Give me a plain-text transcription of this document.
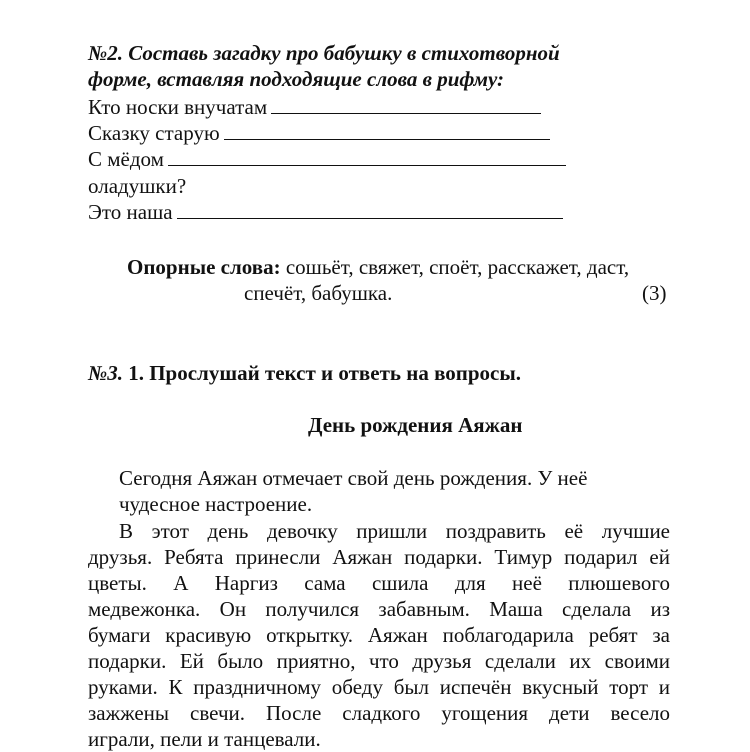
№2. Составь загадку про бабушку в стихотворной
форме, вставляя подходящие слова в рифму:
Кто носки внучатам
Сказку старую
С мёдом
оладушки?
Это наша
Опорные слова: сошьёт, свяжет, споёт, расскажет, даст,
спечёт, бабушка.	(3)
№3. 1. Прослушай текст и ответь на вопросы.
День рождения Аяжан
Сегодня Аяжан отмечает свой день рождения. У неё
чудесное настроение.
В этот день девочку пришли поздравить её лучшие
друзья. Ребята принесли Аяжан подарки. Тимур подарил ей
цветы. А Наргиз сама сшила для неё плюшевого
медвежонка. Он получился забавным. Маша сделала из
бумаги красивую открытку. Аяжан поблагодарила ребят за
подарки. Ей было приятно, что друзья сделали их своими
руками. К праздничному обеду был испечён вкусный торт и
зажжены свечи. После сладкого угощения дети весело
играли, пели и танцевали.
